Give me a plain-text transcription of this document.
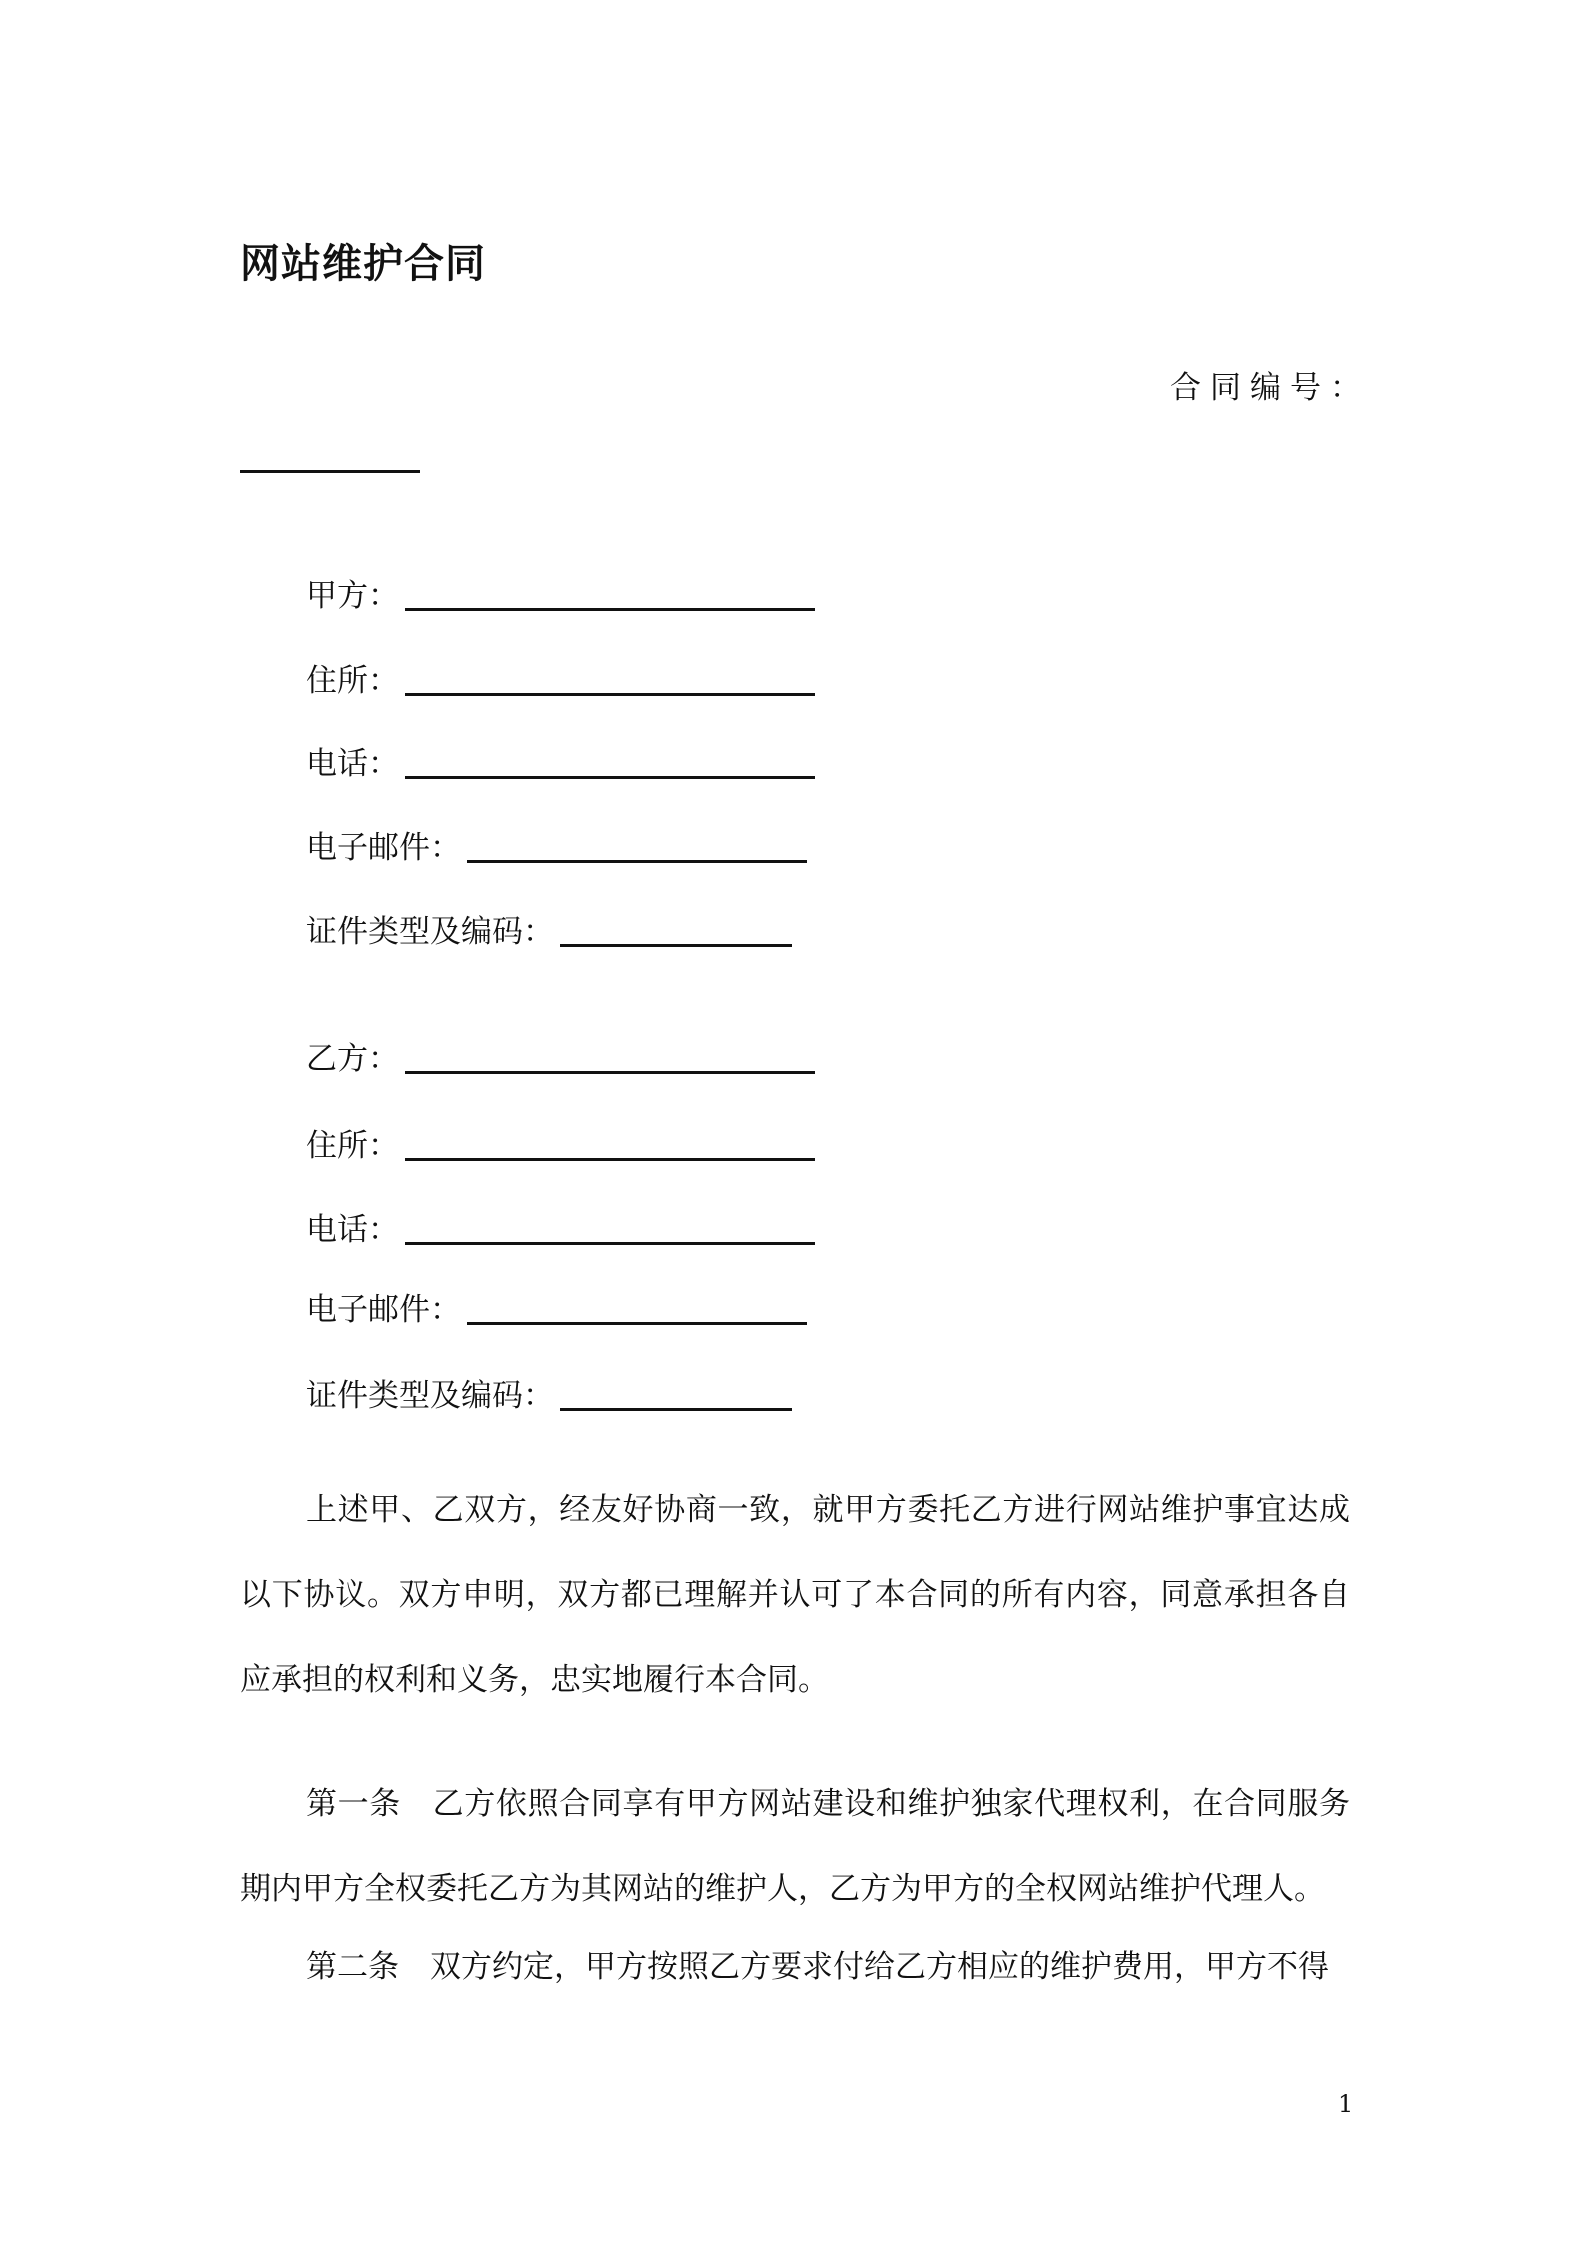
网站维护合同
合同编号：
甲方：
住所：
电话：
电子邮件：
证件类型及编码：
乙方：
住所：
电话：
电子邮件：
证件类型及编码：

上述甲、乙双方，经友好协商一致，就甲方委托乙方进行网站维护事宜达成以下协议。双方申明，双方都已理解并认可了本合同的所有内容，同意承担各自应承担的权利和义务，忠实地履行本合同。

第一条　乙方依照合同享有甲方网站建设和维护独家代理权利，在合同服务期内甲方全权委托乙方为其网站的维护人，乙方为甲方的全权网站维护代理人。

第二条　双方约定，甲方按照乙方要求付给乙方相应的维护费用，甲方不得

1
